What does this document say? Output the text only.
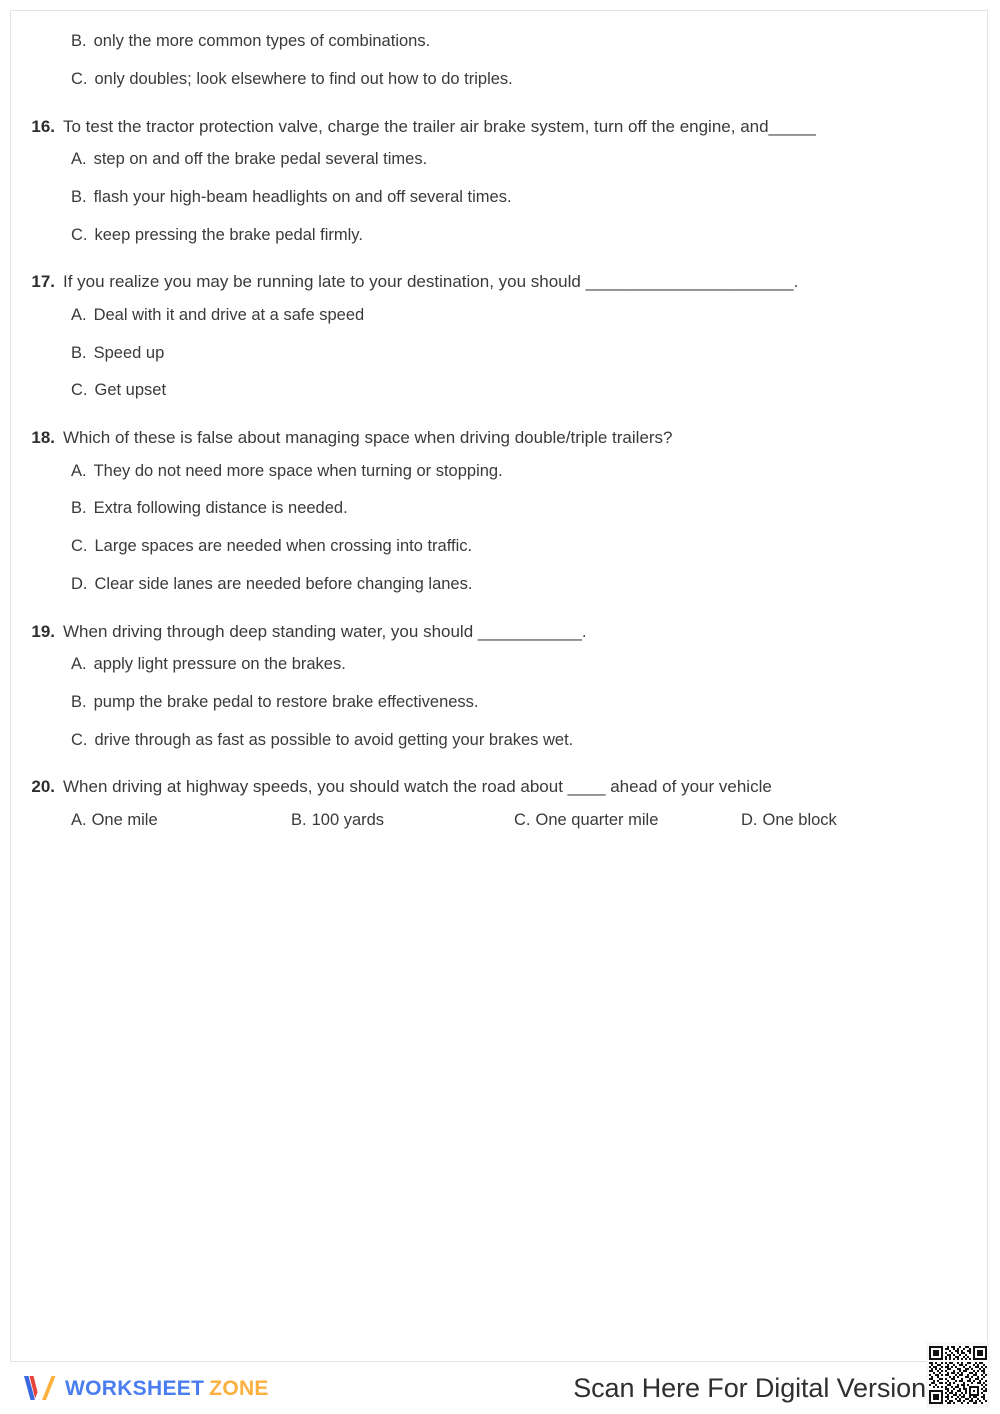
B. only the more common types of combinations.
C. only doubles; look elsewhere to find out how to do triples.
16. To test the tractor protection valve, charge the trailer air brake system, turn off the engine, and_____
A. step on and off the brake pedal several times.
B. flash your high-beam headlights on and off several times.
C. keep pressing the brake pedal firmly.
17. If you realize you may be running late to your destination, you should ______________________.
A. Deal with it and drive at a safe speed
B. Speed up
C. Get upset
18. Which of these is false about managing space when driving double/triple trailers?
A. They do not need more space when turning or stopping.
B. Extra following distance is needed.
C. Large spaces are needed when crossing into traffic.
D. Clear side lanes are needed before changing lanes.
19. When driving through deep standing water, you should ___________.
A. apply light pressure on the brakes.
B. pump the brake pedal to restore brake effectiveness.
C. drive through as fast as possible to avoid getting your brakes wet.
20. When driving at highway speeds, you should watch the road about ____ ahead of your vehicle
A. One mile	B. 100 yards	C. One quarter mile	D. One block
WORKSHEET ZONE	Scan Here For Digital Version
